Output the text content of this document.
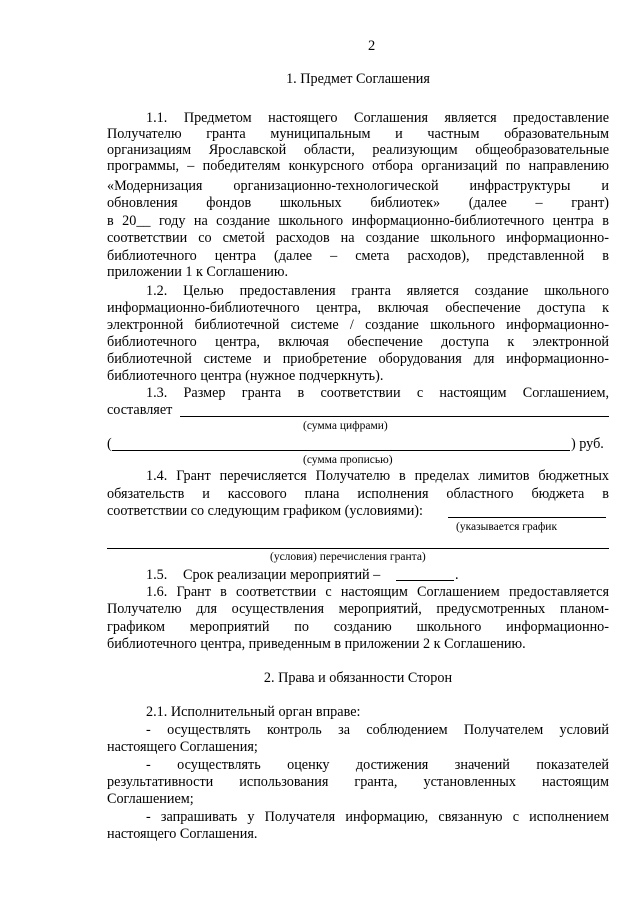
2
1. Предмет Соглашения
1.1. Предметом настоящего Соглашения является предоставление
Получателю гранта муниципальным и частным образовательным
организациям Ярославской области, реализующим общеобразовательные
программы, – победителям конкурсного отбора организаций по направлению
«Модернизация организационно-технологической инфраструктуры и
обновления фондов школьных библиотек» (далее – грант)
в 20__ году на создание школьного информационно-библиотечного центра в
соответствии со сметой расходов на создание школьного информационно-
библиотечного центра (далее – смета расходов), представленной в
приложении 1 к Соглашению.
1.2. Целью предоставления гранта является создание школьного
информационно-библиотечного центра, включая обеспечение доступа к
электронной библиотечной системе / создание школьного информационно-
библиотечного центра, включая обеспечение доступа к электронной
библиотечной системе и приобретение оборудования для информационно-
библиотечного центра (нужное подчеркнуть).
1.3. Размер гранта в соответствии с настоящим Соглашением,
составляет
(сумма цифрами)
(	) руб.
(сумма прописью)
1.4. Грант перечисляется Получателю в пределах лимитов бюджетных
обязательств и кассового плана исполнения областного бюджета в
соответствии со следующим графиком (условиями):
(указывается график
(условия) перечисления гранта)
1.5. Срок реализации мероприятий –	.
1.6. Грант в соответствии с настоящим Соглашением предоставляется
Получателю для осуществления мероприятий, предусмотренных планом-
графиком мероприятий по созданию школьного информационно-
библиотечного центра, приведенным в приложении 2 к Соглашению.
2. Права и обязанности Сторон
2.1. Исполнительный орган вправе:
- осуществлять контроль за соблюдением Получателем условий
настоящего Соглашения;
- осуществлять оценку достижения значений показателей
результативности использования гранта, установленных настоящим
Соглашением;
- запрашивать у Получателя информацию, связанную с исполнением
настоящего Соглашения.
